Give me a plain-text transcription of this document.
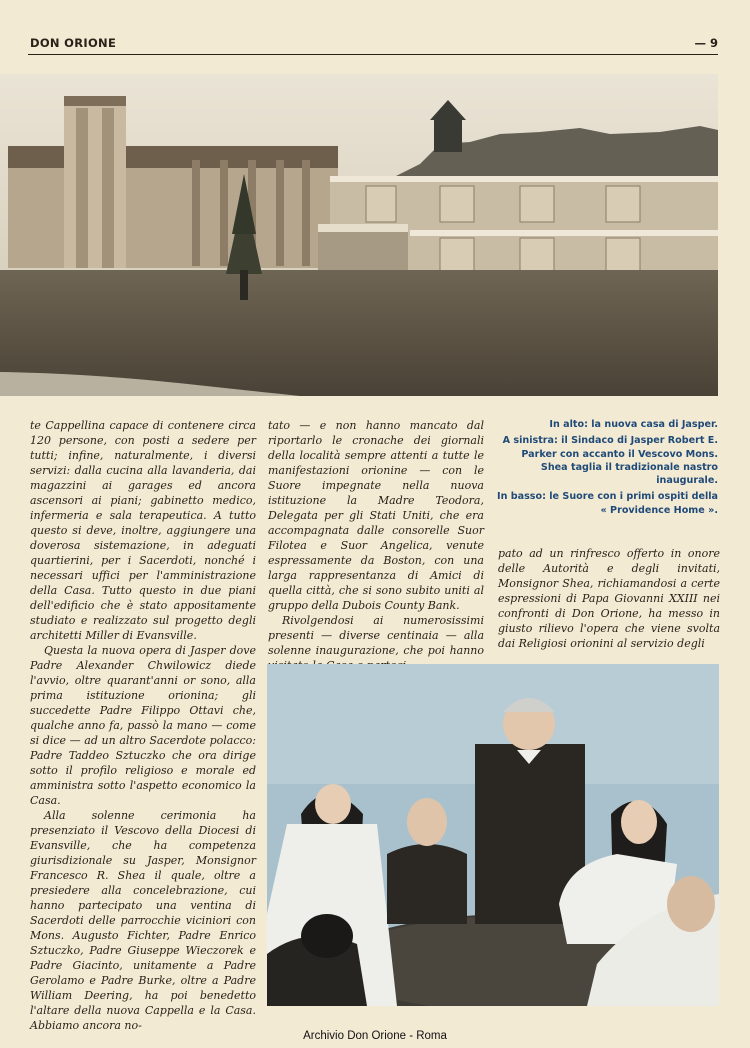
DON ORIONE	— 9

te Cappellina capace di contenere circa 120 persone, con posti a sedere per tutti; infine, naturalmente, i diversi servizi: dalla cucina alla lavanderia, dai magazzini ai garages ed ancora ascensori ai piani; gabinetto medico, infermeria e sala terapeutica. A tutto questo si deve, inoltre, aggiungere una doverosa sistemazione, in adeguati quartierini, per i Sacerdoti, nonché i necessari uffici per l'amministrazione della Casa. Tutto questo in due piani dell'edificio che è stato appositamente studiato e realizzato sul progetto degli architetti Miller di Evansville.

Questa la nuova opera di Jasper dove Padre Alexander Chwilowicz diede l'avvio, oltre quarant'anni or sono, alla prima istituzione orionina; gli succedette Padre Filippo Ottavi che, qualche anno fa, passò la mano — come si dice — ad un altro Sacerdote polacco: Padre Taddeo Sztuczko che ora dirige sotto il profilo religioso e morale ed amministra sotto l'aspetto economico la Casa.

Alla solenne cerimonia ha presenziato il Vescovo della Diocesi di Evansville, che ha competenza giurisdizionale su Jasper, Monsignor Francesco R. Shea il quale, oltre a presiedere alla concelebrazione, cui hanno partecipato una ventina di Sacerdoti delle parrocchie viciniori con Mons. Augusto Fichter, Padre Enrico Sztuczko, Padre Giuseppe Wieczorek e Padre Giacinto, unitamente a Padre Gerolamo e Padre Burke, oltre a Padre William Deering, ha poi benedetto l'altare della nuova Cappella e la Casa. Abbiamo ancora no-

tato — e non hanno mancato dal riportarlo le cronache dei giornali della località sempre attenti a tutte le manifestazioni orionine — con le Suore impegnate nella nuova istituzione la Madre Teodora, Delegata per gli Stati Uniti, che era accompagnata dalle consorelle Suor Filotea e Suor Angelica, venute espressamente da Boston, con una larga rappresentanza di Amici di quella città, che si sono subito uniti al gruppo della Dubois County Bank.

Rivolgendosi ai numerosissimi presenti — diverse centinaia — alla solenne inaugurazione, che poi hanno

In alto: la nuova casa di Jasper.

A sinistra: il Sindaco di Jasper Robert E. Parker con accanto il Vescovo Mons. Shea taglia il tradizionale nastro inaugurale.

In basso: le Suore con i primi ospiti della « Providence Home ».

pato ad un rinfresco offerto in onore delle Autorità e degli invitati, Monsignor Shea, richiamandosi a certe espressioni di Papa Giovanni XXIII nei confronti di Don Orione, ha messo in giusto rilievo l'opera che viene svolta dai Religiosi orionini al servizio degli

Archivio Don Orione - Roma
